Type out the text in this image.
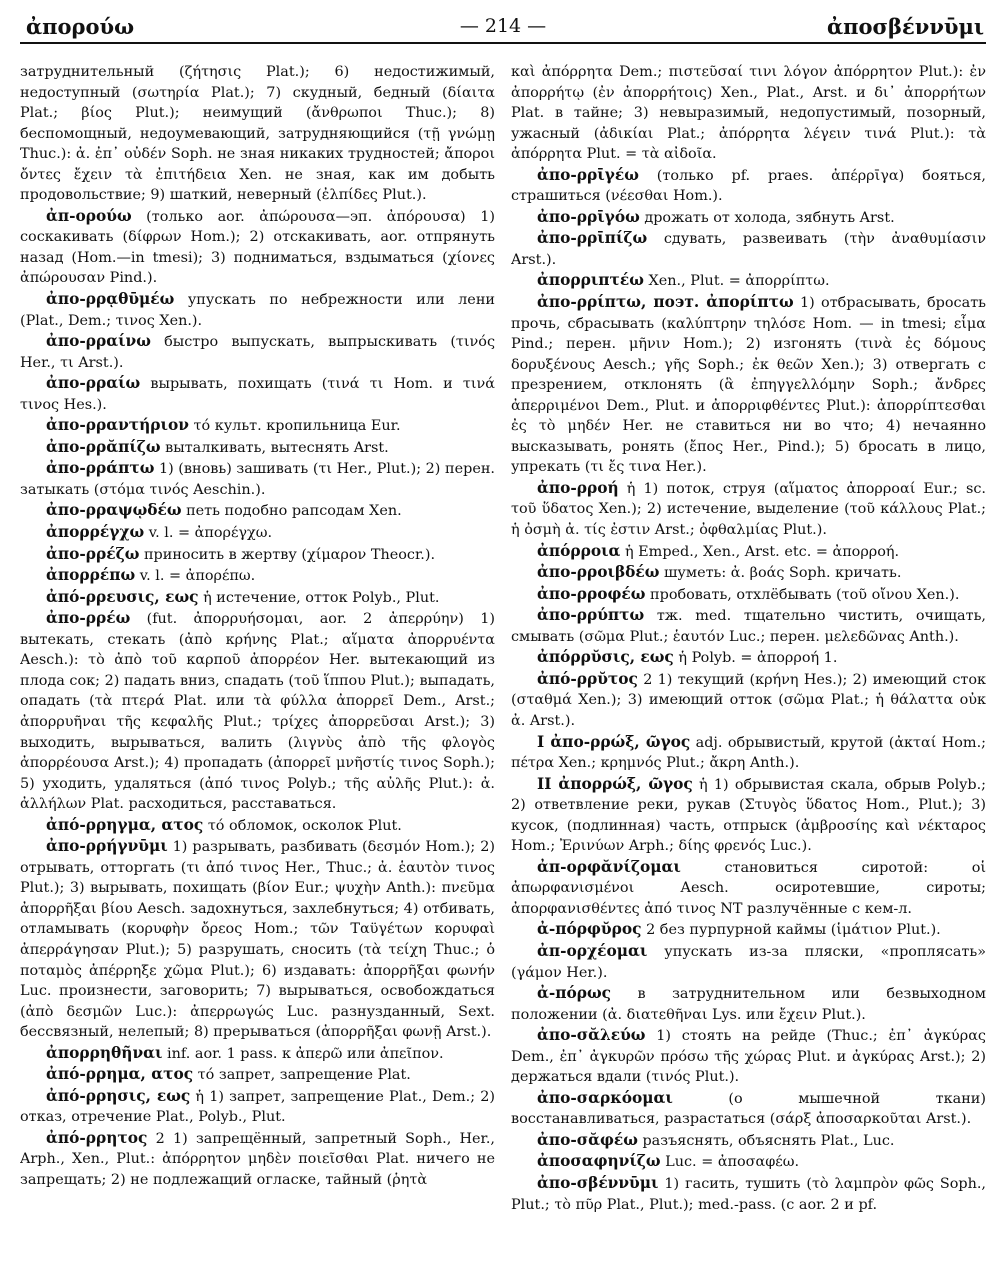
ἀπορούω	— 214 —	ἀποσβέννῡμι

затруднительный (ζήτησις Plat.); 6) недостижимый, недоступный (σωτηρία Plat.); 7) скудный, бедный (δίαιτα Plat.; βίος Plut.); неимущий (ἄνθρωποι Thuc.); 8) беспомощный, недоумевающий, затрудняющийся (τῇ γνώμῃ Thuc.): ἀ. ἐπ᾽ οὐδέν Soph. не зная никаких трудностей; ἄποροι ὄντες ἔχειν τὰ ἐπιτήδεια Xen. не зная, как им добыть продовольствие; 9) шаткий, неверный (ἐλπίδες Plut.).

ἀπ-ορούω (только aor. ἀπώρουσα—эп. ἀπόρουσα) 1) соскакивать (δίφρων Hom.); 2) отскакивать, aor. отпрянуть назад (Hom.—in tmesi); 3) подниматься, вздыматься (χίονες ἀπώρουσαν Pind.).

ἀπο-ρρᾳθῡμέω упускать по небрежности или лени (Plat., Dem.; τινος Xen.).

ἀπο-ρραίνω быстро выпускать, выпрыскивать (τινός Her., τι Arst.).

ἀπο-ρραίω вырывать, похищать (τινά τι Hom. и τινά τινος Hes.).

ἀπο-ρραντήριον τό культ. кропильница Eur.

ἀπο-ρρᾰπίζω выталкивать, вытеснять Arst.

ἀπο-ρράπτω 1) (вновь) зашивать (τι Her., Plut.); 2) перен. затыкать (στόμα τινός Aeschin.).

ἀπο-ρραψῳδέω петь подобно рапсодам Xen.

ἀπορρέγχω v. l. = ἀπορέγχω.

ἀπο-ρρέζω приносить в жертву (χίμαρον Theocr.).

ἀπορρέπω v. l. = ἀπορέπω.

ἀπό-ρρευσις, εως ἡ истечение, отток Polyb., Plut.

ἀπο-ρρέω (fut. ἀπορρυήσομαι, aor. 2 ἀπερρύην) 1) вытекать, стекать (ἀπὸ κρήνης Plat.; αἵματα ἀπορρυέντα Aesch.): τὸ ἀπὸ τοῦ καρποῦ ἀπορρέον Her. вытекающий из плода сок; 2) падать вниз, спадать (τοῦ ἵππου Plut.); выпадать, опадать (τὰ πτερά Plat. или τὰ φύλλα ἀπορρεῖ Dem., Arst.; ἀπορρυῆναι τῆς κεφαλῆς Plut.; τρίχες ἀπορρεῦσαι Arst.); 3) выходить, вырываться, валить (λιγνὺς ἀπὸ τῆς φλογὸς ἀπορρέουσα Arst.); 4) пропадать (ἀπορρεῖ μνῆστίς τινος Soph.); 5) уходить, удаляться (ἀπό τινος Polyb.; τῆς αὐλῆς Plut.): ἀ. ἀλλήλων Plat. расходиться, расставаться.

ἀπό-ρρηγμα, ατος τό обломок, осколок Plut.

ἀπο-ρρήγνῡμι 1) разрывать, разбивать (δεσμόν Hom.); 2) отрывать, отторгать (τι ἀπό τινος Her., Thuc.; ἀ. ἑαυτὸν τινος Plut.); 3) вырывать, похищать (βίον Eur.; ψυχὴν Anth.): πνεῦμα ἀπορρῆξαι βίου Aesch. задохнуться, захлебнуться; 4) отбивать, отламывать (κορυφὴν ὄρεος Hom.; τῶν Ταϋγέτων κορυφαὶ ἀπερράγησαν Plut.); 5) разрушать, сносить (τὰ τείχη Thuc.; ὁ ποταμὸς ἀπέρρηξε χῶμα Plut.); 6) издавать: ἀπορρῆξαι φωνήν Luc. произнести, заговорить; 7) вырываться, освобождаться (ἀπὸ δεσμῶν Luc.): ἀπερρωγώς Luc. разнузданный, Sext. бессвязный, нелепый; 8) прерываться (ἀπορρῆξαι φωνῇ Arst.).

ἀπορρηθῆναι inf. aor. 1 pass. к ἀπερῶ или ἀπεῖπον.

ἀπό-ρρημα, ατος τό запрет, запрещение Plat.

ἀπό-ρρησις, εως ἡ 1) запрет, запрещение Plat., Dem.; 2) отказ, отречение Plat., Polyb., Plut.

ἀπό-ρρητος 2 1) запрещённый, запретный Soph., Her., Arph., Xen., Plut.: ἀπόρρητον μηδὲν ποιεῖσθαι Plat. ничего не запрещать; 2) не подлежащий огласке, тайный (ῥητὰ

καὶ ἀπόρρητα Dem.; πιστεῦσαί τινι λόγον ἀπόρρητον Plut.): ἐν ἀπορρήτῳ (ἐν ἀπορρήτοις) Xen., Plat., Arst. и δι᾽ ἀπορρήτων Plat. в тайне; 3) невыразимый, недопустимый, позорный, ужасный (ἀδικίαι Plat.; ἀπόρρητα λέγειν τινά Plut.): τὰ ἀπόρρητα Plut. = τὰ αἰδοῖα.

ἀπο-ρρῑγέω (только pf. praes. ἀπέρρῑγα) бояться, страшиться (νέεσθαι Hom.).

ἀπο-ρρῑγόω дрожать от холода, зябнуть Arst.

ἀπο-ρρῑπίζω сдувать, развеивать (τὴν ἀναθυμίασιν Arst.).

ἀπορριπτέω Xen., Plut. = ἀπορρίπτω.

ἀπο-ρρίπτω, поэт. ἀπορίπτω 1) отбрасывать, бросать прочь, сбрасывать (καλύπτρην τηλόσε Hom. — in tmesi; εἷμα Pind.; перен. μῆνιν Hom.); 2) изгонять (τινὰ ἐς δόμους δορυξένους Aesch.; γῆς Soph.; ἐκ θεῶν Xen.); 3) отвергать с презрением, отклонять (ἃ ἐπηγγελλόμην Soph.; ἄνδρες ἀπερριμένοι Dem., Plut. и ἀπορριφθέντες Plut.): ἀπορρίπτεσθαι ἐς τὸ μηδέν Her. не ставиться ни во что; 4) нечаянно высказывать, ронять (ἔπος Her., Pind.); 5) бросать в лицо, упрекать (τι ἔς τινα Her.).

ἀπο-ρροή ἡ 1) поток, струя (αἵματος ἀπορροαί Eur.; sc. τοῦ ὕδατος Xen.); 2) истечение, выделение (τοῦ κάλλους Plat.; ἡ ὀσμὴ ἀ. τίς ἐστιν Arst.; ὀφθαλμίας Plut.).

ἀπόρροια ἡ Emped., Xen., Arst. etc. = ἀπορροή.

ἀπο-ρροιβδέω шуметь: ἀ. βοάς Soph. кричать.

ἀπο-ρροφέω пробовать, отхлёбывать (τοῦ οἴνου Xen.).

ἀπο-ρρύπτω тж. med. тщательно чистить, очищать, смывать (σῶμα Plut.; ἑαυτόν Luc.; перен. μελεδῶνας Anth.).

ἀπόρρῠσις, εως ἡ Polyb. = ἀπορροή 1.

ἀπό-ρρῠτος 2 1) текущий (κρήνη Hes.); 2) имеющий сток (σταθμά Xen.); 3) имеющий отток (σῶμα Plat.; ἡ θάλαττα οὐκ ἀ. Arst.).

I ἀπο-ρρώξ, ῶγος adj. обрывистый, крутой (ἀκταί Hom.; πέτρα Xen.; κρημνός Plut.; ἄκρη Anth.).

II ἀπορρώξ, ῶγος ἡ 1) обрывистая скала, обрыв Polyb.; 2) ответвление реки, рукав (Στυγὸς ὕδατος Hom., Plut.); 3) кусок, (подлинная) часть, отпрыск (ἀμβροσίης καὶ νέκταρος Hom.; Ἐρινύων Arph.; δίης φρενός Luc.).

ἀπ-ορφᾰνίζομαι	становиться сиротой: οἱ ἀπωρφανισμένοι Aesch. осиротевшие, сироты; ἀπορφανισθέντες ἀπό τινος NT разлучённые с кем-л.

ἀ-πόρφῠρος 2 без пурпурной каймы (ἱμάτιον Plut.).

ἀπ-ορχέομαι упускать из-за пляски, «проплясать» (γάμον Her.).

ἀ-πόρως в затруднительном или безвыходном положении (ἀ. διατεθῆναι Lys. или ἔχειν Plut.).

ἀπο-σᾰλεύω 1) стоять на рейде (Thuc.; ἐπ᾽ ἀγκύρας Dem., ἐπ᾽ ἀγκυρῶν πρόσω τῆς χώρας Plut. и ἀγκύρας Arst.); 2) держаться вдали (τινός Plut.).

ἀπο-σαρκόομαι	(о мышечной ткани) восстанавливаться, разрастаться (σάρξ ἀποσαρκοῦται Arst.).

ἀπο-σᾰφέω разъяснять, объяснять Plat., Luc.

ἀποσαφηνίζω Luc. = ἀποσαφέω.

ἀπο-σβέννῡμι 1) гасить, тушить (τὸ λαμπρὸν φῶς Soph., Plut.; τὸ πῦρ Plat., Plut.); med.-pass. (с aor. 2 и pf.
